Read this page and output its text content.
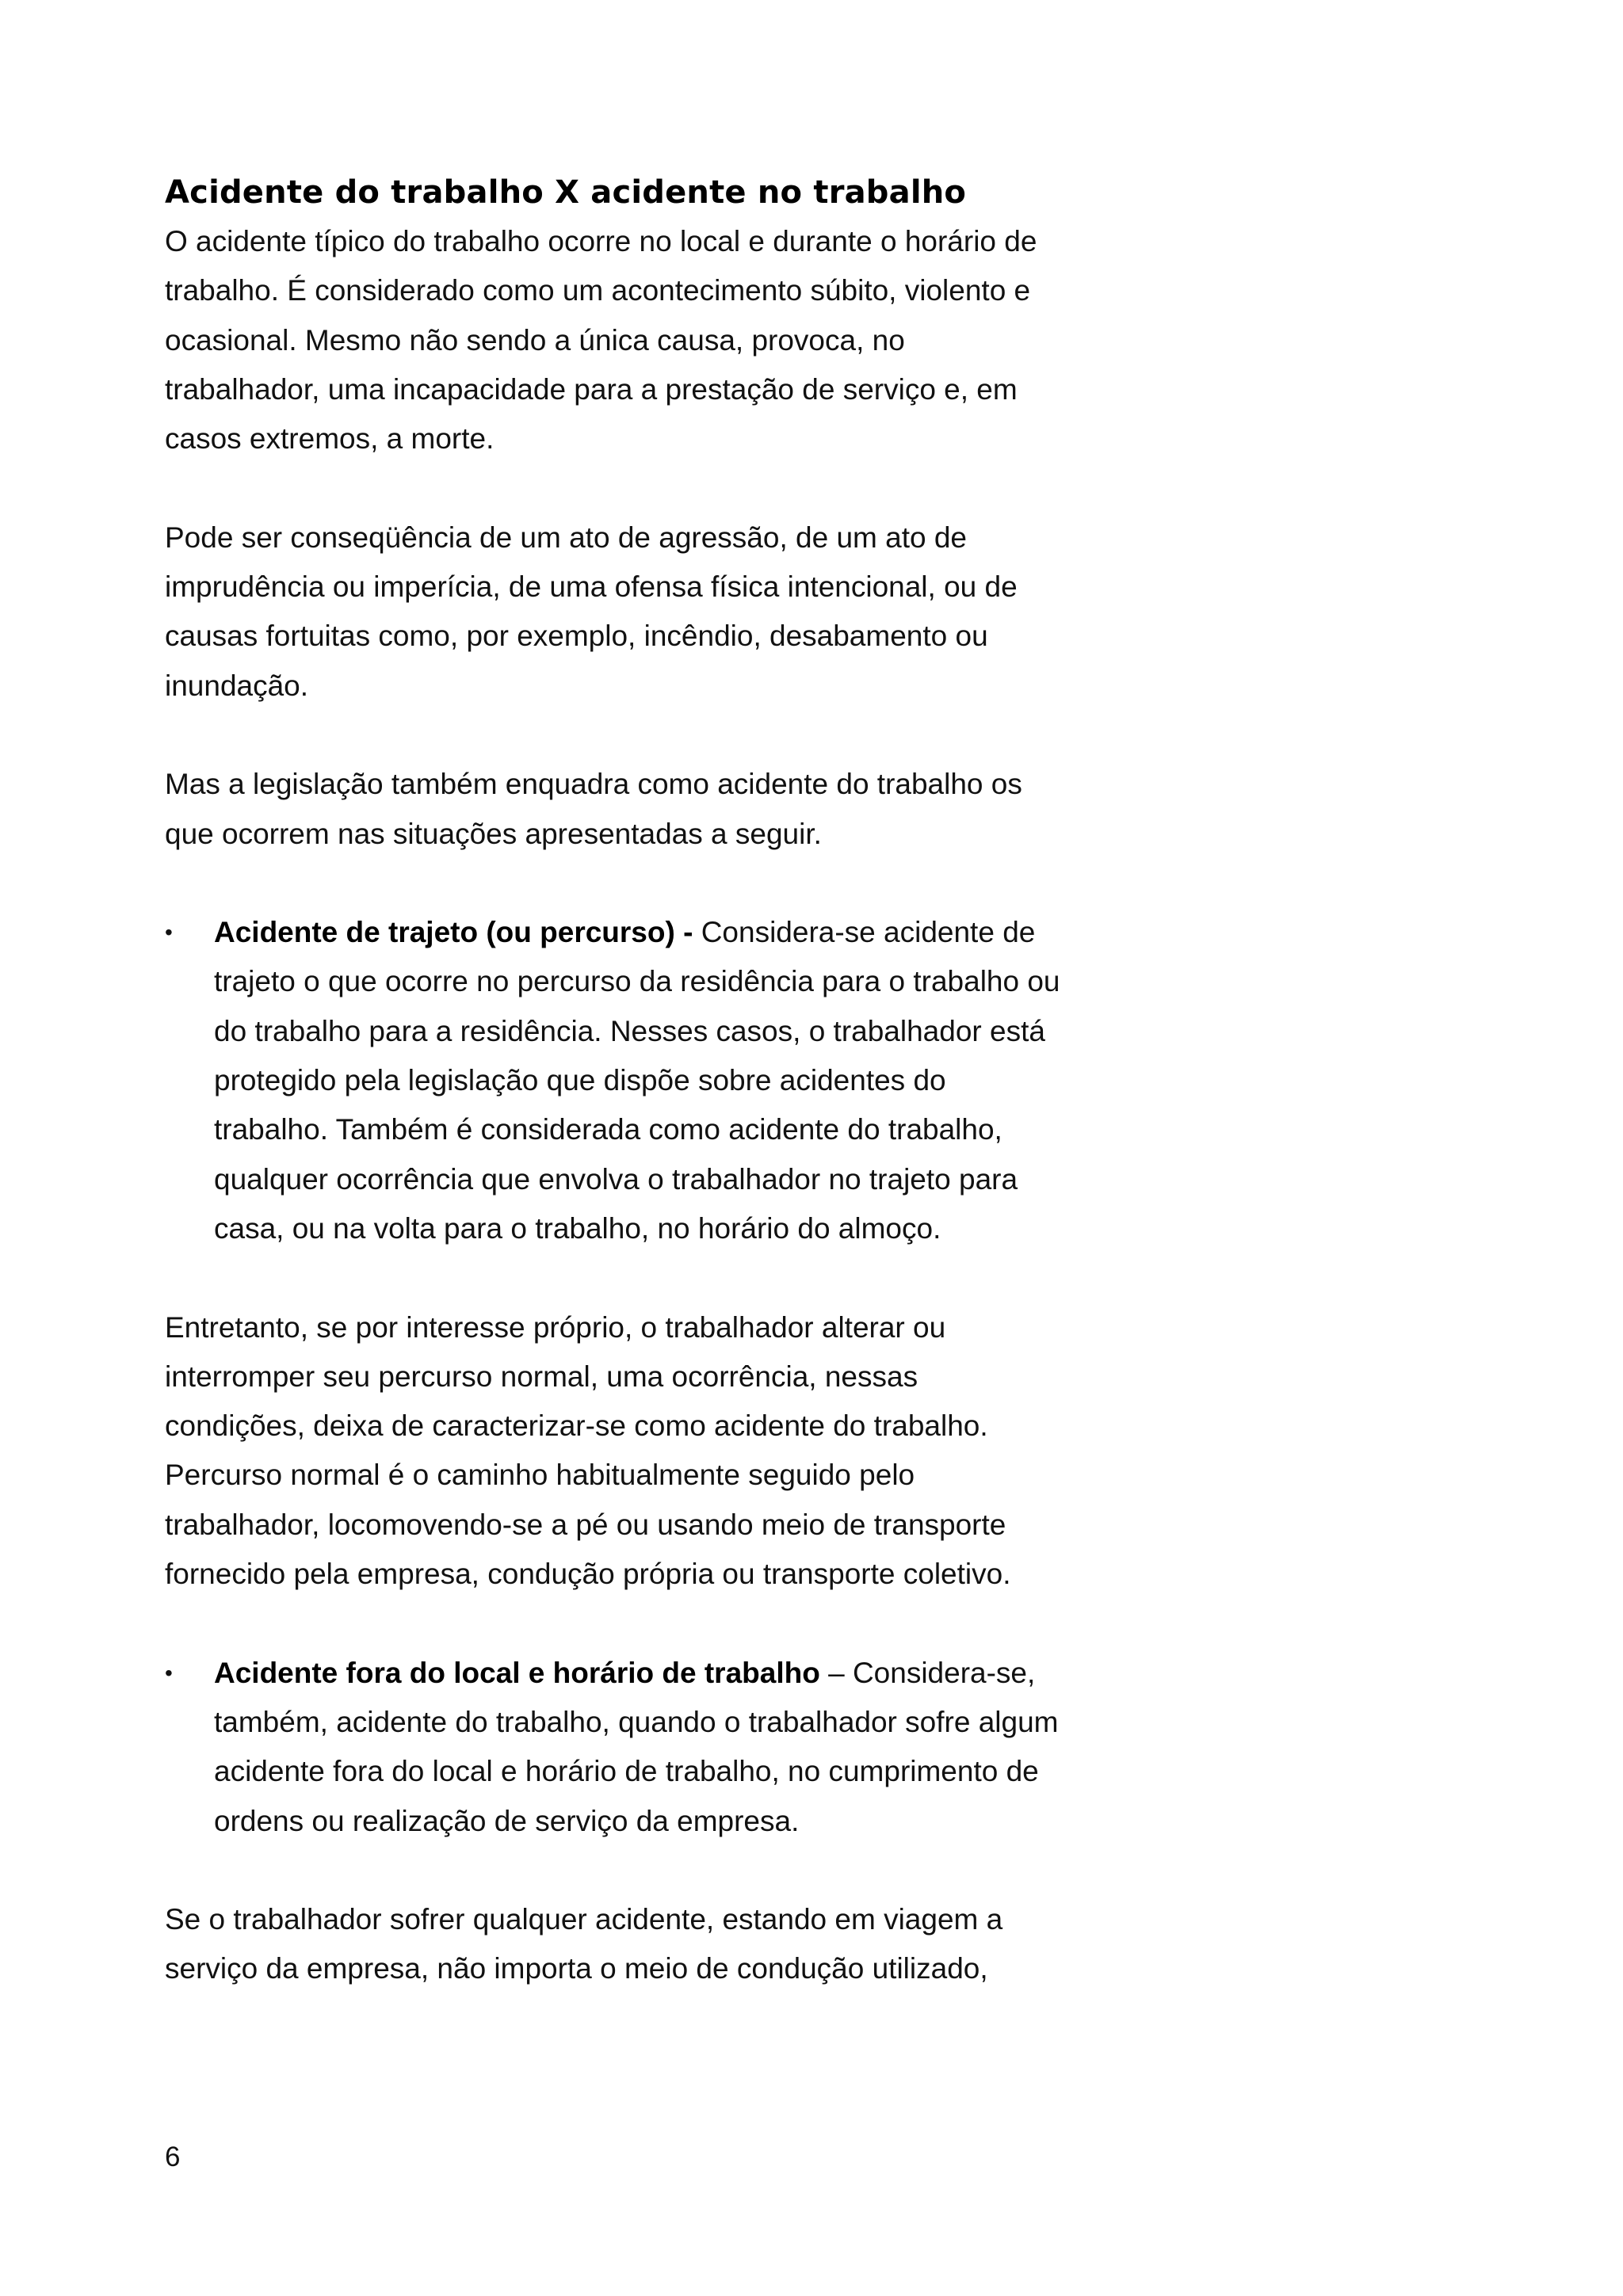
Acidente do trabalho X acidente no trabalho

O acidente típico do trabalho ocorre no local e durante o horário de trabalho. É considerado como um acontecimento súbito, violento e ocasional. Mesmo não sendo a única causa, provoca, no trabalhador, uma incapacidade para a prestação de serviço e, em casos extremos, a morte.

Pode ser conseqüência de um ato de agressão, de um ato de imprudência ou imperícia, de uma ofensa física intencional, ou de causas fortuitas como, por exemplo, incêndio, desabamento ou inundação.

Mas a legislação também enquadra como acidente do trabalho os que ocorrem nas situações apresentadas a seguir.

• Acidente de trajeto (ou percurso) - Considera-se acidente de trajeto o que ocorre no percurso da residência para o trabalho ou do trabalho para a residência. Nesses casos, o trabalhador está protegido pela legislação que dispõe sobre acidentes do trabalho. Também é considerada como acidente do trabalho, qualquer ocorrência que envolva o trabalhador no trajeto para casa, ou na volta para o trabalho, no horário do almoço.

Entretanto, se por interesse próprio, o trabalhador alterar ou interromper seu percurso normal, uma ocorrência, nessas condições, deixa de caracterizar-se como acidente do trabalho. Percurso normal é o caminho habitualmente seguido pelo trabalhador, locomovendo-se a pé ou usando meio de transporte fornecido pela empresa, condução própria ou transporte coletivo.

• Acidente fora do local e horário de trabalho – Considera-se, também, acidente do trabalho, quando o trabalhador sofre algum acidente fora do local e horário de trabalho, no cumprimento de ordens ou realização de serviço da empresa.

Se o trabalhador sofrer qualquer acidente, estando em viagem a serviço da empresa, não importa o meio de condução utilizado,

6
